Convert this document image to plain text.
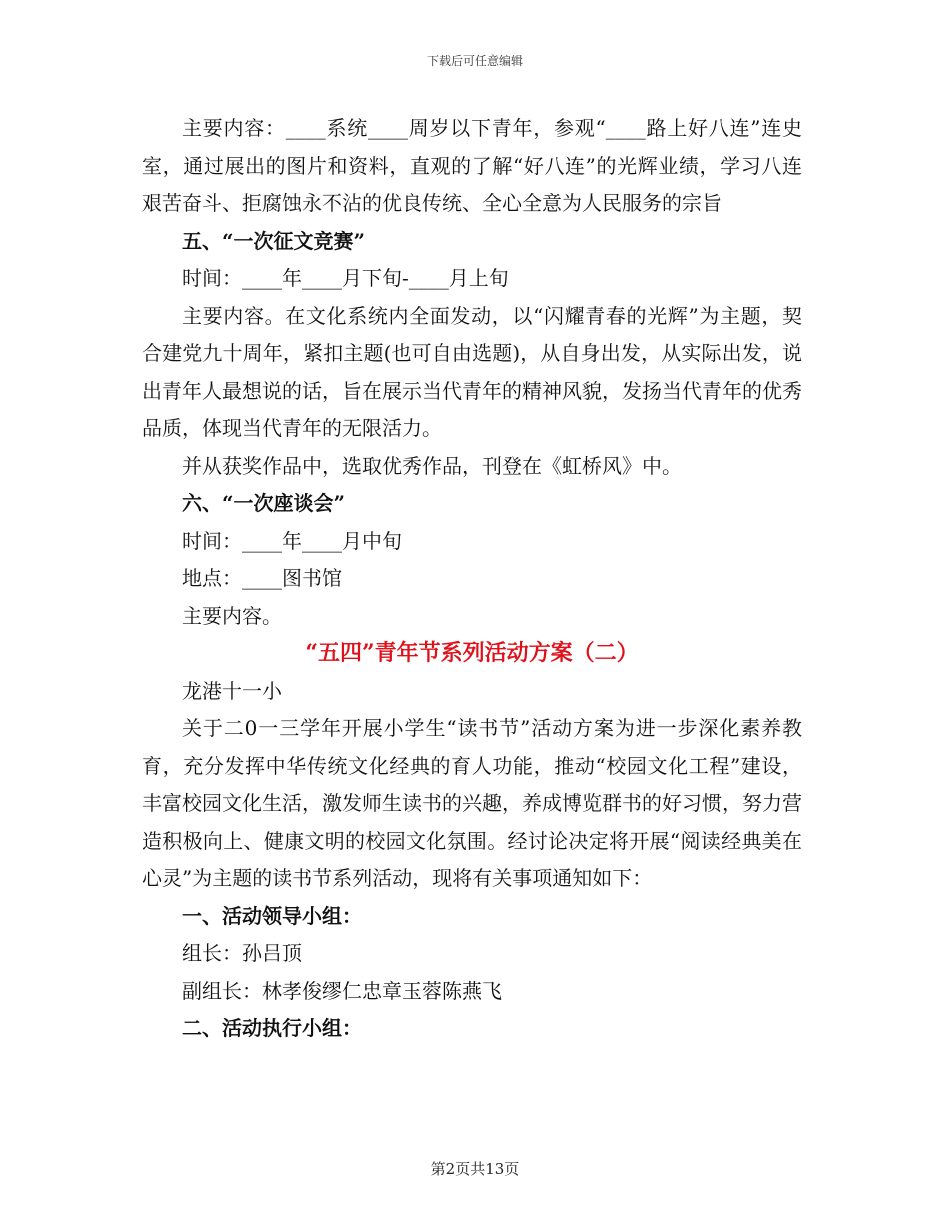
下载后可任意编辑

主要内容：____系统____周岁以下青年，参观“____路上好八连”连史室，通过展出的图片和资料，直观的了解“好八连”的光辉业绩，学习八连艰苦奋斗、拒腐蚀永不沾的优良传统、全心全意为人民服务的宗旨

五、“一次征文竞赛”

时间：____年____月下旬-____月上旬

主要内容。在文化系统内全面发动，以“闪耀青春的光辉”为主题，契合建党九十周年，紧扣主题(也可自由选题)，从自身出发，从实际出发，说出青年人最想说的话，旨在展示当代青年的精神风貌，发扬当代青年的优秀品质，体现当代青年的无限活力。

并从获奖作品中，选取优秀作品，刊登在《虹桥风》中。

六、“一次座谈会”

时间：____年____月中旬

地点：____图书馆

主要内容。

“五四”青年节系列活动方案（二）

龙港十一小

关于二0一三学年开展小学生“读书节”活动方案为进一步深化素养教育，充分发挥中华传统文化经典的育人功能，推动“校园文化工程”建设，丰富校园文化生活，激发师生读书的兴趣，养成博览群书的好习惯，努力营造积极向上、健康文明的校园文化氛围。经讨论决定将开展“阅读经典美在心灵”为主题的读书节系列活动，现将有关事项通知如下：

一、活动领导小组：

组长：孙吕顶

副组长：林孝俊缪仁忠章玉蓉陈燕飞

二、活动执行小组：

第2页共13页
